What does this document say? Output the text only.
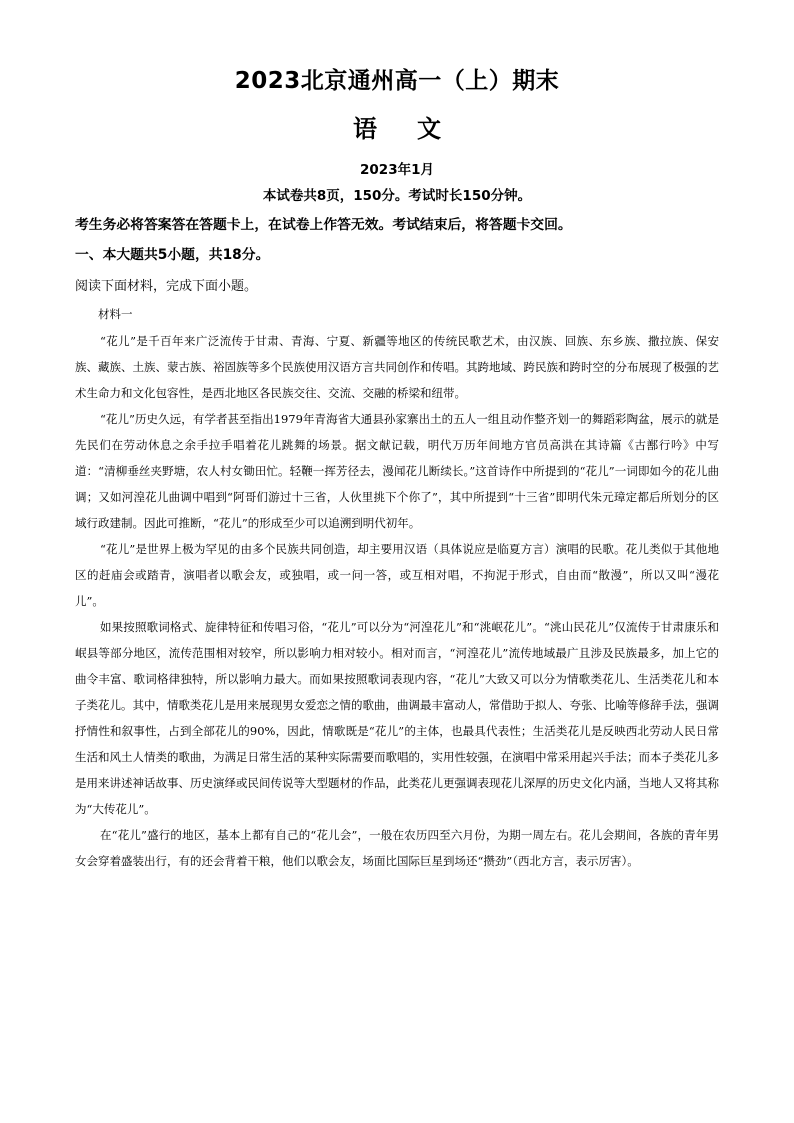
2023北京通州高一（上）期末
语文
2023年1月
本试卷共8页，150分。考试时长150分钟。
考生务必将答案答在答题卡上，在试卷上作答无效。考试结束后，将答题卡交回。
一、本大题共5小题，共18分。
阅读下面材料，完成下面小题。
材料一

“花儿”是千百年来广泛流传于甘肃、青海、宁夏、新疆等地区的传统民歌艺术，由汉族、回族、东乡族、撒拉族、保安族、藏族、土族、蒙古族、裕固族等多个民族使用汉语方言共同创作和传唱。其跨地域、跨民族和跨时空的分布展现了极强的艺术生命力和文化包容性，是西北地区各民族交往、交流、交融的桥梁和纽带。

“花儿”历史久远，有学者甚至指出1979年青海省大通县孙家寨出土的五人一组且动作整齐划一的舞蹈彩陶盆，展示的就是先民们在劳动休息之余手拉手唱着花儿跳舞的场景。据文献记载，明代万历年间地方官员高洪在其诗篇《古鄯行吟》中写道：“清柳垂丝夹野塘，农人村女锄田忙。轻鞭一挥芳径去，漫闻花儿断续长。”这首诗作中所提到的“花儿”一词即如今的花儿曲调；又如河湟花儿曲调中唱到“阿哥们游过十三省，人伙里挑下个你了”，其中所提到“十三省”即明代朱元璋定都后所划分的区域行政建制。因此可推断，“花儿”的形成至少可以追溯到明代初年。

“花儿”是世界上极为罕见的由多个民族共同创造，却主要用汉语（具体说应是临夏方言）演唱的民歌。花儿类似于其他地区的赶庙会或踏青，演唱者以歌会友，或独唱，或一问一答，或互相对唱，不拘泥于形式，自由而“散漫”，所以又叫“漫花儿”。

如果按照歌词格式、旋律特征和传唱习俗，“花儿”可以分为“河湟花儿”和“洮岷花儿”。“洮山民花儿”仅流传于甘肃康乐和岷县等部分地区，流传范围相对较窄，所以影响力相对较小。相对而言，“河湟花儿”流传地域最广且涉及民族最多，加上它的曲令丰富、歌词格律独特，所以影响力最大。而如果按照歌词表现内容，“花儿”大致又可以分为情歌类花儿、生活类花儿和本子类花儿。其中，情歌类花儿是用来展现男女爱恋之情的歌曲，曲调最丰富动人，常借助于拟人、夸张、比喻等修辞手法，强调抒情性和叙事性，占到全部花儿的90%，因此，情歌既是“花儿”的主体，也最具代表性；生活类花儿是反映西北劳动人民日常生活和风土人情类的歌曲，为满足日常生活的某种实际需要而歌唱的，实用性较强，在演唱中常采用起兴手法；而本子类花儿多是用来讲述神话故事、历史演绎或民间传说等大型题材的作品，此类花儿更强调表现花儿深厚的历史文化内涵，当地人又将其称为“大传花儿”。

在“花儿”盛行的地区，基本上都有自己的“花儿会”，一般在农历四至六月份，为期一周左右。花儿会期间，各族的青年男女会穿着盛装出行，有的还会背着干粮，他们以歌会友，场面比国际巨星到场还“攒劲”（西北方言，表示厉害）。
